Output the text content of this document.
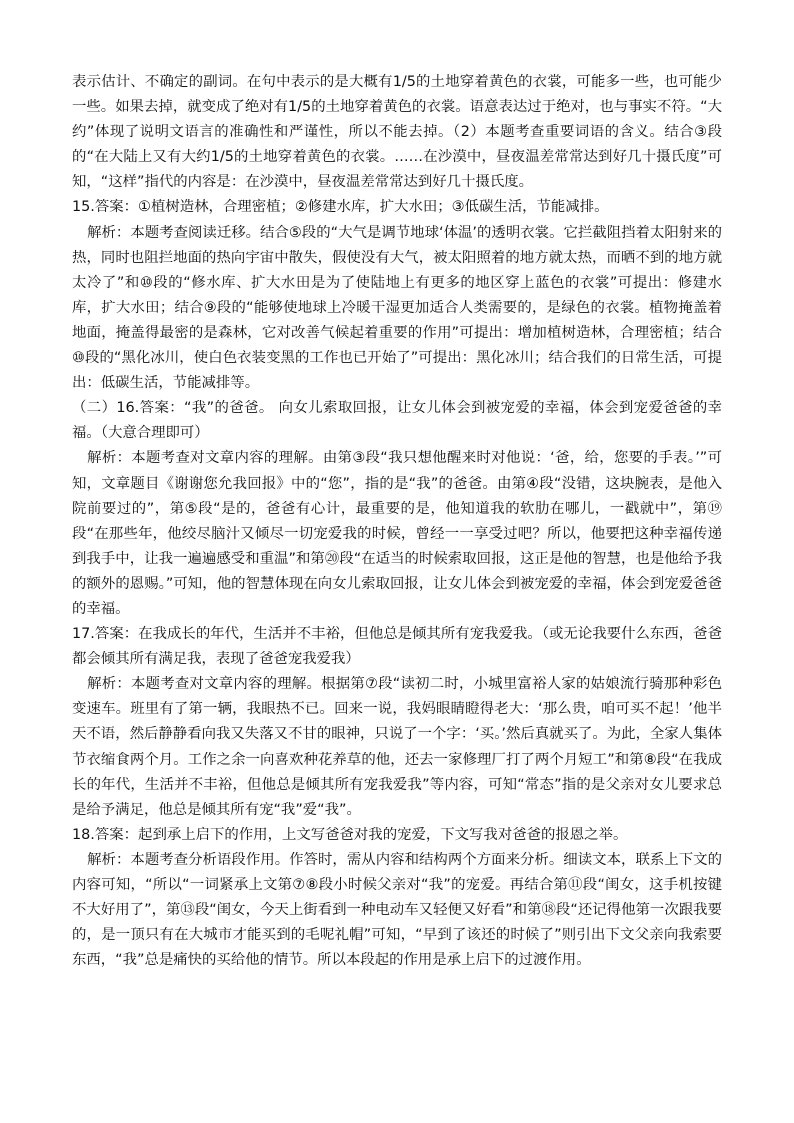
表示估计、不确定的副词。在句中表示的是大概有1/5的土地穿着黄色的衣裳，可能多一些，也可能少一些。如果去掉，就变成了绝对有1/5的土地穿着黄色的衣裳。语意表达过于绝对，也与事实不符。“大约”体现了说明文语言的准确性和严谨性，所以不能去掉。（2）本题考查重要词语的含义。结合③段的“在大陆上又有大约1/5的土地穿着黄色的衣裳。……在沙漠中，昼夜温差常常达到好几十摄氏度”可知，“这样”指代的内容是：在沙漠中，昼夜温差常常达到好几十摄氏度。

15.答案：①植树造林，合理密植；②修建水库，扩大水田；③低碳生活，节能减排。

解析：本题考查阅读迁移。结合⑤段的“大气是调节地球‘体温’的透明衣裳。它拦截阻挡着太阳射来的热，同时也阻拦地面的热向宇宙中散失，假使没有大气，被太阳照着的地方就太热，而晒不到的地方就太冷了”和⑩段的“修水库、扩大水田是为了使陆地上有更多的地区穿上蓝色的衣裳”可提出：修建水库，扩大水田；结合⑨段的“能够使地球上冷暖干湿更加适合人类需要的，是绿色的衣裳。植物掩盖着地面，掩盖得最密的是森林，它对改善气候起着重要的作用”可提出：增加植树造林，合理密植；结合⑩段的“黑化冰川，使白色衣装变黑的工作也已开始了”可提出：黑化冰川；结合我们的日常生活，可提出：低碳生活，节能减排等。

（二）16.答案：“我”的爸爸。 向女儿索取回报，让女儿体会到被宠爱的幸福，体会到宠爱爸爸的幸福。（大意合理即可）

解析：本题考查对文章内容的理解。由第③段“我只想他醒来时对他说：‘爸，给，您要的手表。’”可知，文章题目《谢谢您允我回报》中的“您”，指的是“我”的爸爸。由第④段“没错，这块腕表，是他入院前要过的”，第⑤段“是的，爸爸有心计，最重要的是，他知道我的软肋在哪儿，一戳就中”，第⑲段“在那些年，他绞尽脑汁又倾尽一切宠爱我的时候，曾经一一享受过吧？所以，他要把这种幸福传递到我手中，让我一遍遍感受和重温”和第⑳段“在适当的时候索取回报，这正是他的智慧，也是他给予我的额外的恩赐。”可知，他的智慧体现在向女儿索取回报，让女儿体会到被宠爱的幸福，体会到宠爱爸爸的幸福。

17.答案：在我成长的年代，生活并不丰裕，但他总是倾其所有宠我爱我。（或无论我要什么东西，爸爸都会倾其所有满足我，表现了爸爸宠我爱我）

解析：本题考查对文章内容的理解。根据第⑦段“读初二时，小城里富裕人家的姑娘流行骑那种彩色变速车。班里有了第一辆，我眼热不已。回来一说，我妈眼睛瞪得老大：‘那么贵，咱可买不起！’他半天不语，然后静静看向我又失落又不甘的眼神，只说了一个字：‘买。’然后真就买了。为此，全家人集体节衣缩食两个月。工作之余一向喜欢种花养草的他，还去一家修理厂打了两个月短工”和第⑧段“在我成长的年代，生活并不丰裕，但他总是倾其所有宠我爱我”等内容，可知“常态”指的是父亲对女儿要求总是给予满足，他总是倾其所有宠“我”爱“我”。

18.答案：起到承上启下的作用，上文写爸爸对我的宠爱，下文写我对爸爸的报恩之举。

解析：本题考查分析语段作用。作答时，需从内容和结构两个方面来分析。细读文本，联系上下文的内容可知，“所以“一词紧承上文第⑦⑧段小时候父亲对“我”的宠爱。再结合第⑪段“闺女，这手机按键不大好用了”，第⑬段“闺女，今天上街看到一种电动车又轻便又好看”和第⑱段“还记得他第一次跟我要的，是一顶只有在大城市才能买到的毛呢礼帽”可知，“早到了该还的时候了”则引出下文父亲向我索要东西，“我”总是痛快的买给他的情节。所以本段起的作用是承上启下的过渡作用。
